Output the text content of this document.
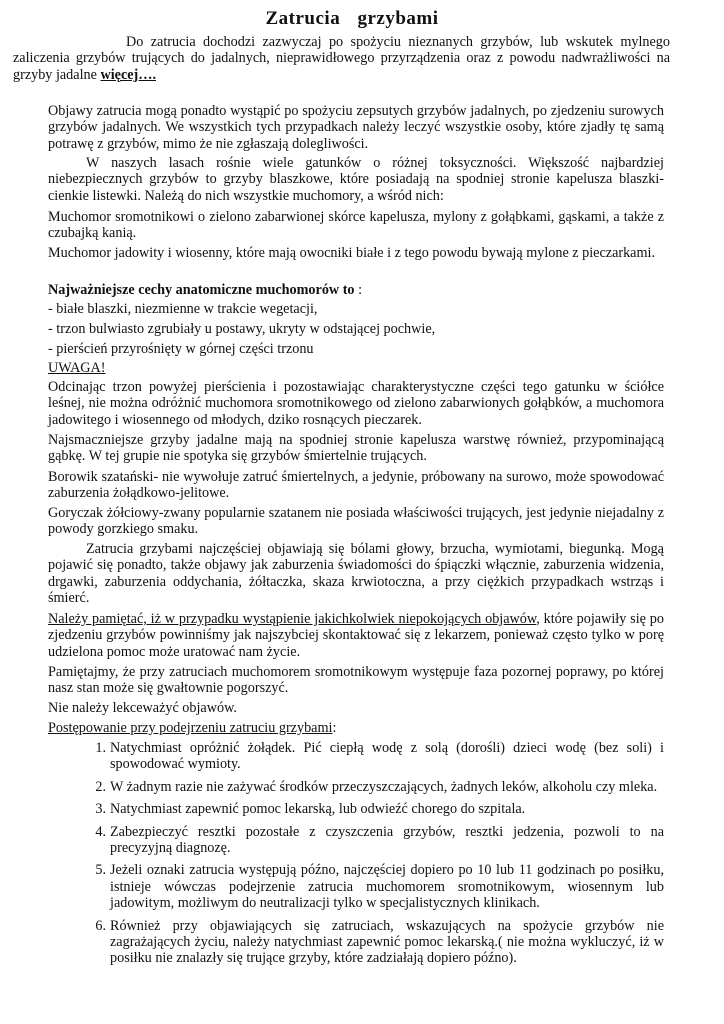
Zatrucia grzybami

Do zatrucia dochodzi zazwyczaj po spożyciu nieznanych grzybów, lub wskutek mylnego zaliczenia grzybów trujących do jadalnych, nieprawidłowego przyrządzenia oraz z powodu nadwrażliwości na grzyby jadalne więcej….

Objawy zatrucia mogą ponadto wystąpić po spożyciu zepsutych grzybów jadalnych, po zjedzeniu surowych grzybów jadalnych. We wszystkich tych przypadkach należy leczyć wszystkie osoby, które zjadły tę samą potrawę z grzybów, mimo że nie zgłaszają dolegliwości.

W naszych lasach rośnie wiele gatunków o różnej toksyczności. Większość najbardziej niebezpiecznych grzybów to grzyby blaszkowe, które posiadają na spodniej stronie kapelusza blaszki-cienkie listewki. Należą do nich wszystkie muchomory, a wśród nich:

Muchomor sromotnikowi o zielono zabarwionej skórce kapelusza, mylony z gołąbkami, gąskami, a także z czubajką kanią.

Muchomor jadowity i wiosenny, które mają owocniki białe i z tego powodu bywają mylone z pieczarkami.

Najważniejsze cechy anatomiczne muchomorów to :

- białe blaszki, niezmienne w trakcie wegetacji,

- trzon bulwiasto zgrubiały u postawy, ukryty w odstającej pochwie,

- pierścień przyrośnięty w górnej części trzonu

UWAGA!

Odcinając trzon powyżej pierścienia i pozostawiając charakterystyczne części tego gatunku w ściółce leśnej, nie można odróżnić muchomora sromotnikowego od zielono zabarwionych gołąbków, a muchomora jadowitego i wiosennego od młodych, dziko rosnących pieczarek.

Najsmaczniejsze grzyby jadalne mają na spodniej stronie kapelusza warstwę również, przypominającą gąbkę. W tej grupie nie spotyka się grzybów śmiertelnie trujących.

Borowik szatański- nie wywołuje zatruć śmiertelnych, a jedynie, próbowany na surowo, może spowodować zaburzenia żołądkowo-jelitowe.

Goryczak żółciowy-zwany popularnie szatanem nie posiada właściwości trujących, jest jedynie niejadalny z powody gorzkiego smaku.

Zatrucia grzybami najczęściej objawiają się bólami głowy, brzucha, wymiotami, biegunką. Mogą pojawić się ponadto, także objawy jak zaburzenia świadomości do śpiączki włącznie, zaburzenia widzenia, drgawki, zaburzenia oddychania, żółtaczka, skaza krwiotoczna, a przy ciężkich przypadkach wstrząs i śmierć.

Należy pamiętać, iż w przypadku wystąpienie jakichkolwiek niepokojących objawów, które pojawiły się po zjedzeniu grzybów powinniśmy jak najszybciej skontaktować się z lekarzem, ponieważ często tylko w porę udzielona pomoc może uratować nam życie.

Pamiętajmy, że przy zatruciach muchomorem sromotnikowym występuje faza pozornej poprawy, po której nasz stan może się gwałtownie pogorszyć.

Nie należy lekceważyć objawów.

Postępowanie przy podejrzeniu zatruciu grzybami:

1. Natychmiast opróżnić żołądek. Pić ciepłą wodę z solą (dorośli) dzieci wodę (bez soli) i spowodować wymioty.
2. W żadnym razie nie zażywać środków przeczyszczających, żadnych leków, alkoholu czy mleka.
3. Natychmiast zapewnić pomoc lekarską, lub odwieźć chorego do szpitala.
4. Zabezpieczyć resztki pozostałe z czyszczenia grzybów, resztki jedzenia, pozwoli to na precyzyjną diagnozę.
5. Jeżeli oznaki zatrucia występują późno, najczęściej dopiero po 10 lub 11 godzinach po posiłku, istnieje wówczas podejrzenie zatrucia muchomorem sromotnikowym, wiosennym lub jadowitym, możliwym do neutralizacji tylko w specjalistycznych klinikach.
6. Również przy objawiających się zatruciach, wskazujących na spożycie grzybów nie zagrażających życiu, należy natychmiast zapewnić pomoc lekarską.( nie można wykluczyć, iż w posiłku nie znalazły się trujące grzyby, które zadziałają dopiero późno).
